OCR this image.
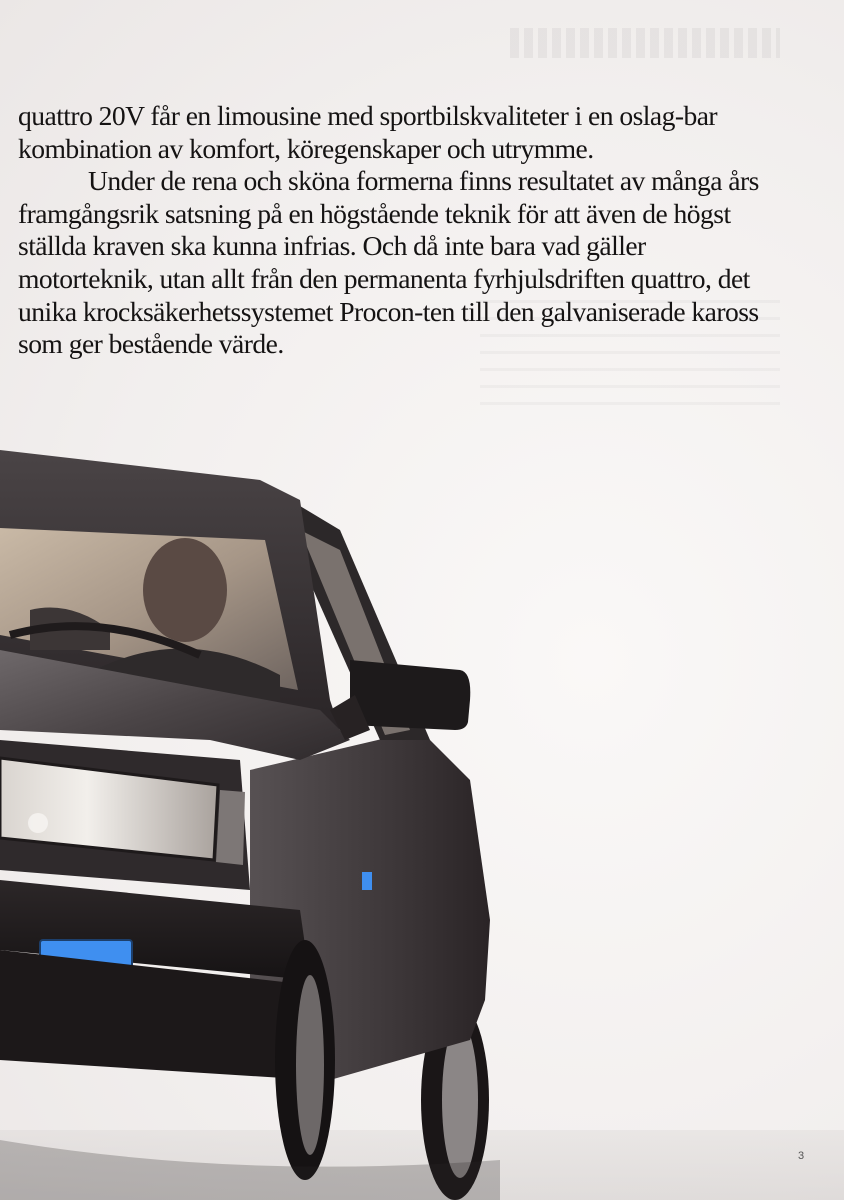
quattro 20V får en limousine med sportbilskvaliteter i en oslag-bar kombination av komfort, köregenskaper och utrymme.

Under de rena och sköna formerna finns resultatet av många års framgångsrik satsning på en högstående teknik för att även de högst ställda kraven ska kunna infrias. Och då inte bara vad gäller motorteknik, utan allt från den permanenta fyrhjulsdriften quattro, det unika krocksäkerhetssystemet Procon-ten till den galvaniserade kaross som ger bestående värde.

3
